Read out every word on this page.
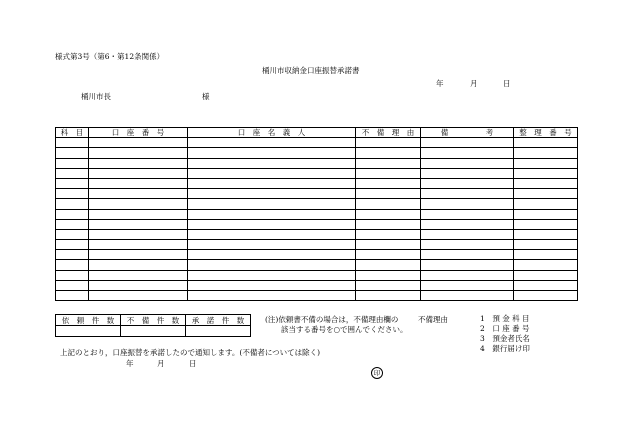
様式第3号（第6・第12条関係）
桶川市収納金口座振替承諾書
年	月	日
桶川市長	様
科　目	口　座　番　号	口　座　名　義　人	不　備　理　由	備　　　　　考	整　理　番　号

依　頼　件　数	不　備　件　数	承　諾　件　数
			(注)依頼書不備の場合は，不備理由欄の
該当する番号を○で囲んでください。
不備理由	1 預 金 科 目
2 口 座 番 号
3 預金者氏名
4 銀行届け印
上記のとおり，口座振替を承諾したので通知します。(不備者については除く)
年	月	日
印
